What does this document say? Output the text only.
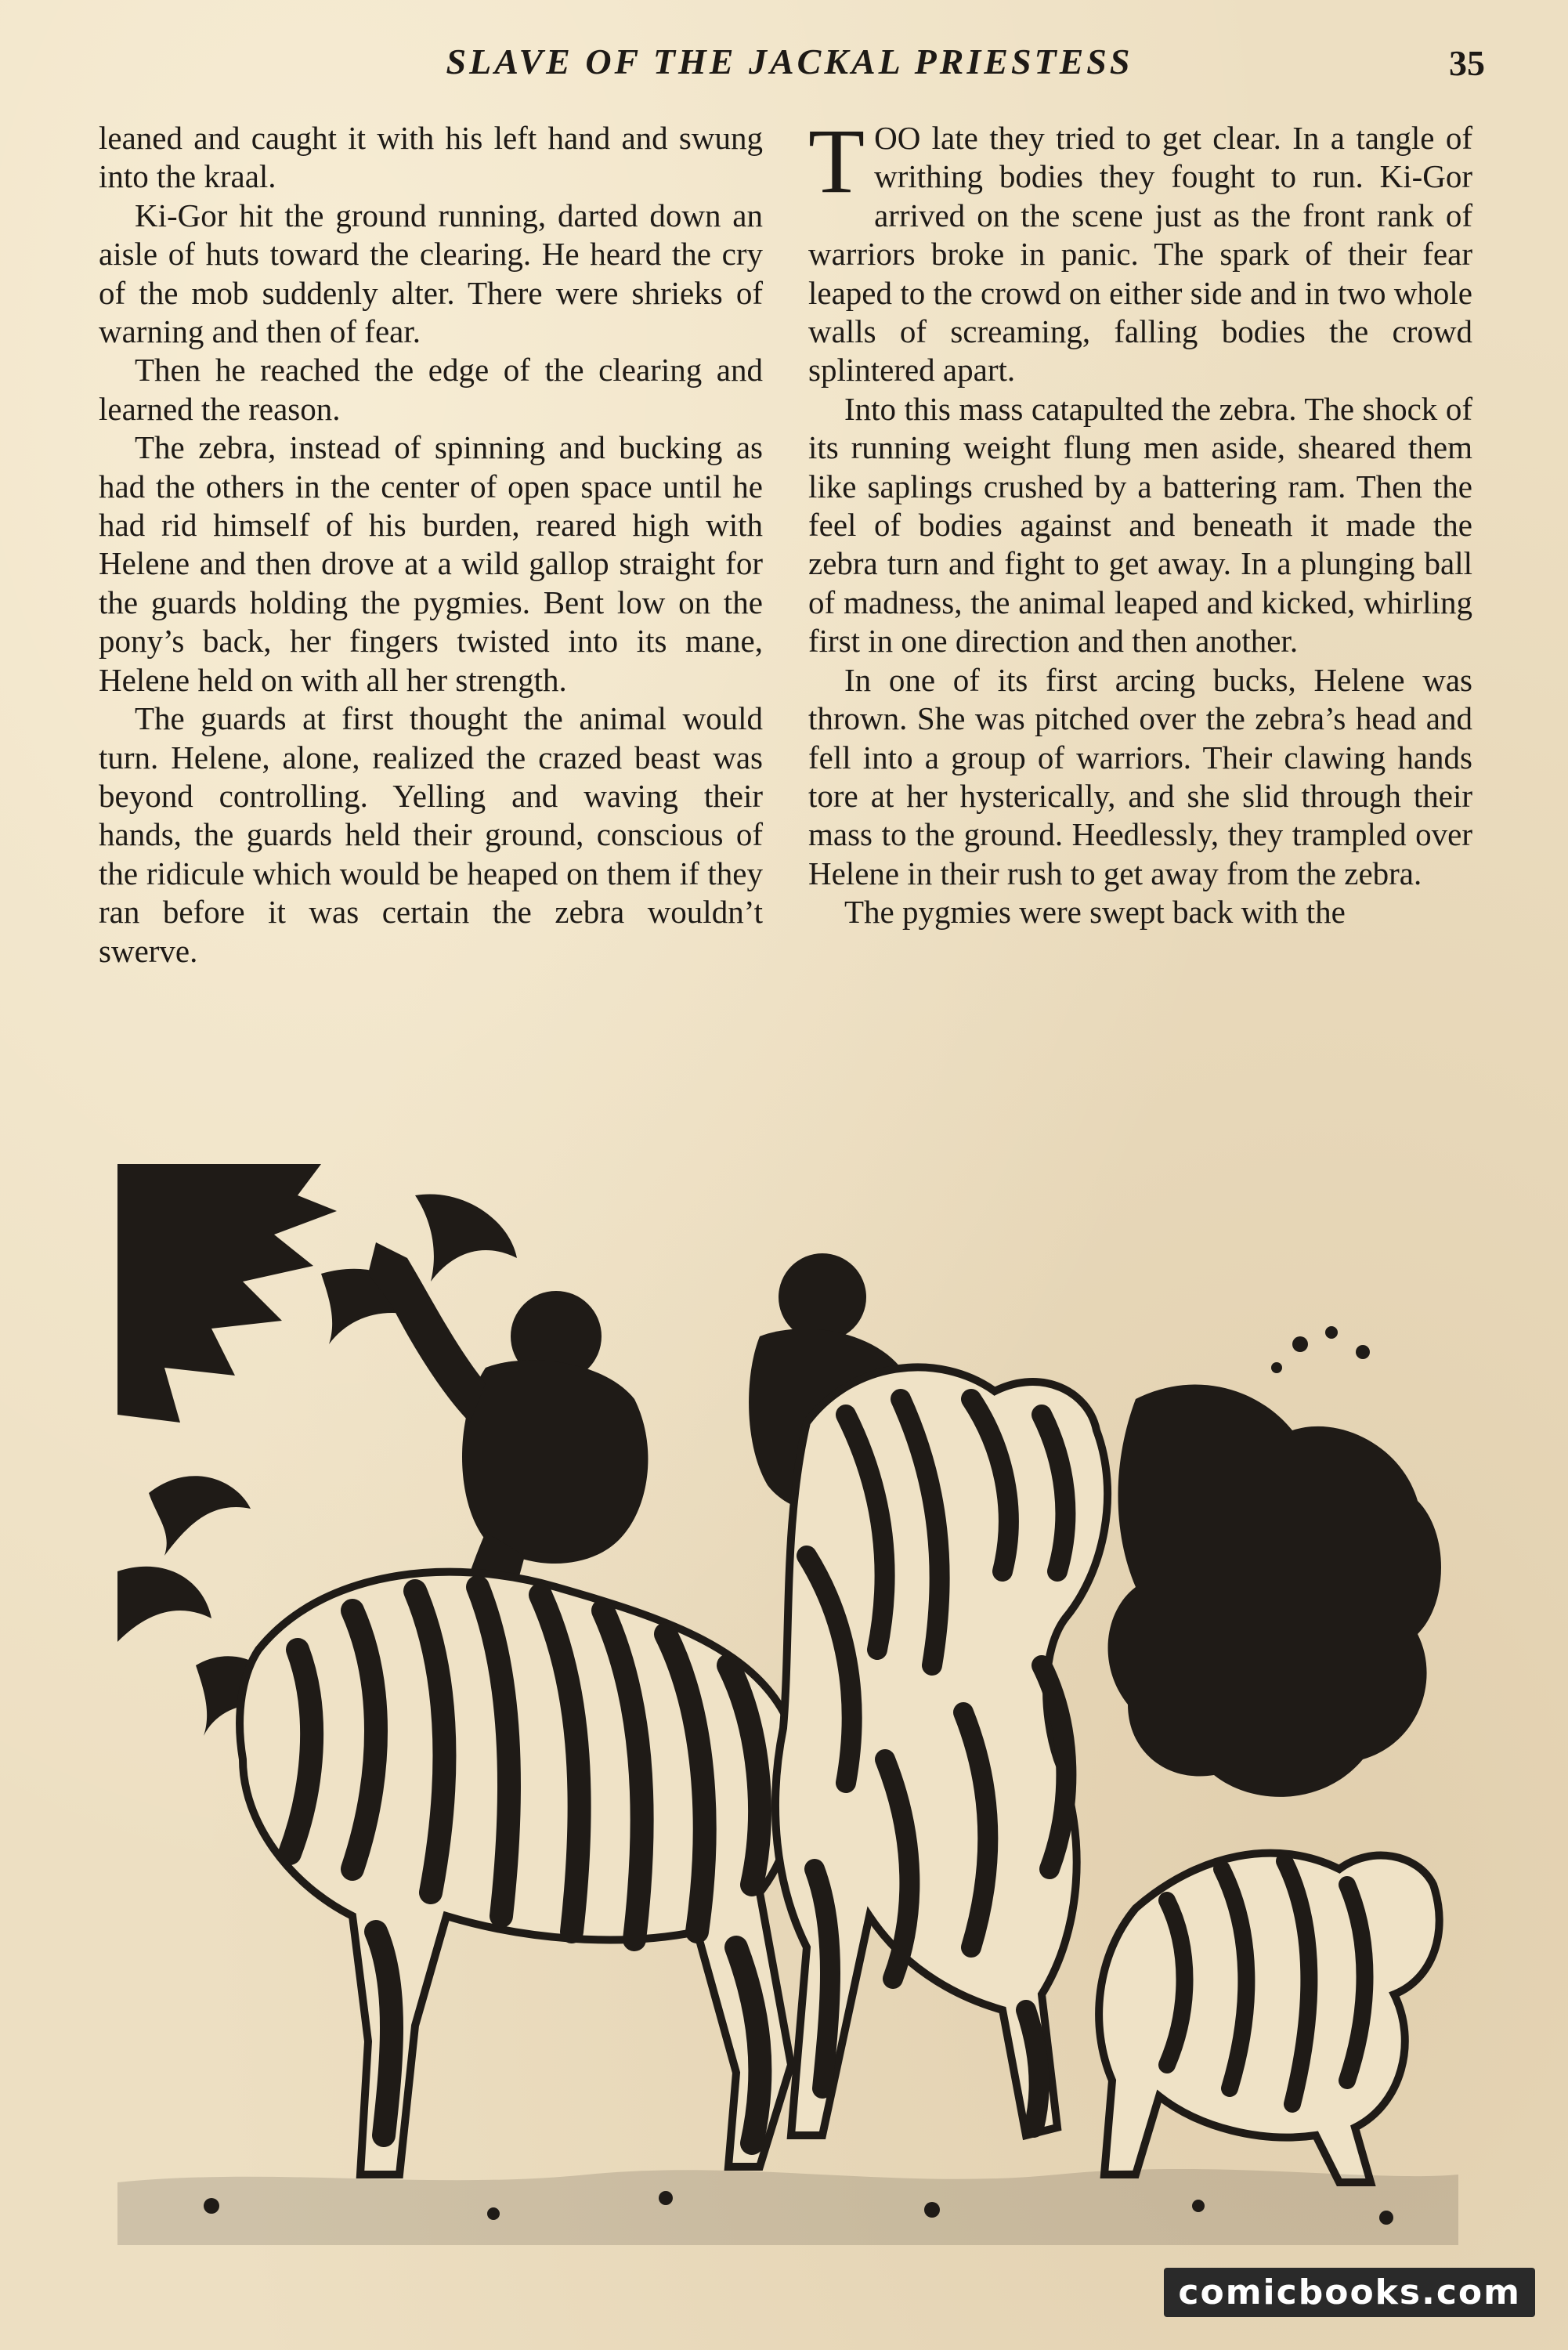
SLAVE OF THE JACKAL PRIESTESS	35

leaned and caught it with his left hand and swung into the kraal.

Ki-Gor hit the ground running, darted down an aisle of huts toward the clearing. He heard the cry of the mob suddenly alter. There were shrieks of warning and then of fear.

Then he reached the edge of the clearing and learned the reason.

The zebra, instead of spinning and bucking as had the others in the center of open space until he had rid himself of his burden, reared high with Helene and then drove at a wild gallop straight for the guards holding the pygmies. Bent low on the pony’s back, her fingers twisted into its mane, Helene held on with all her strength.

The guards at first thought the animal would turn. Helene, alone, realized the crazed beast was beyond controlling. Yelling and waving their hands, the guards held their ground, conscious of the ridicule which would be heaped on them if they ran before it was certain the zebra wouldn’t swerve.

TOO late they tried to get clear. In a tangle of writhing bodies they fought to run. Ki-Gor arrived on the scene just as the front rank of warriors broke in panic. The spark of their fear leaped to the crowd on either side and in two whole walls of screaming, falling bodies the crowd splintered apart.

Into this mass catapulted the zebra. The shock of its running weight flung men aside, sheared them like saplings crushed by a battering ram. Then the feel of bodies against and beneath it made the zebra turn and fight to get away. In a plunging ball of madness, the animal leaped and kicked, whirling first in one direction and then another.

In one of its first arcing bucks, Helene was thrown. She was pitched over the zebra’s head and fell into a group of warriors. Their clawing hands tore at her hysterically, and she slid through their mass to the ground. Heedlessly, they trampled over Helene in their rush to get away from the zebra.

The pygmies were swept back with the

comicbooks.com
